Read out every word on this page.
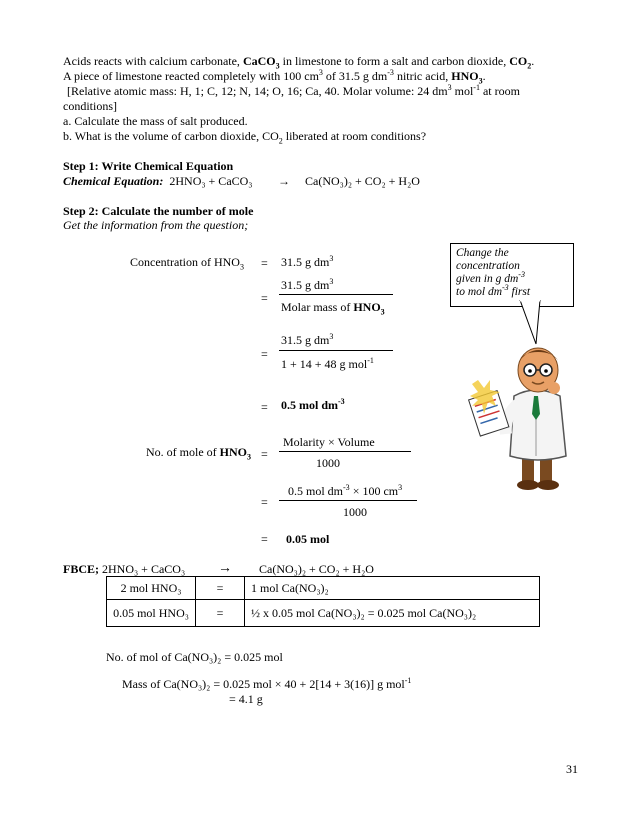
Acids reacts with calcium carbonate, CaCO$_3$ in limestone to form a salt and carbon dioxide, $CO_2$.
A piece of limestone reacted completely with 100 $cm^3$ of 31.5 g $dm^{-3}$ nitric acid, $HNO_3$.
[Relative atomic mass: H, 1; C, 12; N, 14; O, 16; Ca, 40. Molar volume: 24 $dm^3$ mol$^{-1}$ at room
conditions]
a. Calculate the mass of salt produced.
b. What is the volume of carbon dioxide, $CO_2$ liberated at room conditions?
Step 1: Write Chemical Equation
Chemical Equation: 2HNO₃ + CaCO₃ → Ca(NO₃)₂ + CO₂ + H₂O
Step 2: Calculate the number of mole
Get the information from the question;
Concentration of $HNO_3 = 31.5$ g $dm^3$
31.5 g $dm^3$
=
Molar mass of $HNO_3$
31.5 g $dm^3$
=
1 + 14 + 48 g mol$^{-1}$
= 0.5 mol $dm^{-3}$
No. of mole of $HNO_3$ =
Molarity × Volume
1000
0.5 mol $dm^{-3} \times 100$ $cm^3$
=
1000
= 0.05 mol
Change the
concentration
given in g $dm^{-3}$
to mol $dm^{-3}$ first
FBCE; 2HNO₃ + CaCO₃ → Ca(NO₃)₂ + CO₂ + H₂O
2 mol HNO₃	=	1 mol Ca(NO₃)₂
0.05 mol HNO₃	=	½ x 0.05 mol Ca(NO₃)₂ = 0.025 mol Ca(NO₃)₂
No. of mol of Ca(NO₃)₂ = 0.025 mol
Mass of Ca(NO₃)₂ = 0.025 mol × 40 + 2[14 + 3(16)] g mol$^{-1}$
= 4.1 g
31
